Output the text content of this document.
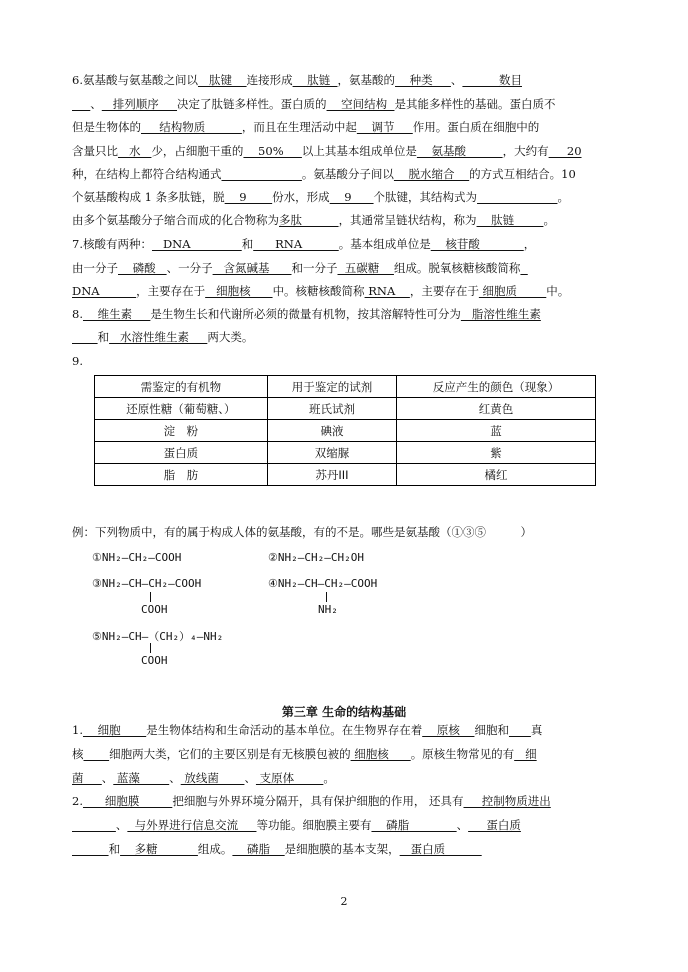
6.氨基酸与氨基酸之间以   肽键    连接形成    肽链  ，氨基酸的    种类     、          数目
、   排列顺序     决定了肽链多样性。蛋白质的    空间结构  是其能多样性的基础。蛋白质不
但是生物体的     结构物质          ，而且在生理活动中起    调节     作用。蛋白质在细胞中的
含量只比   水   少，占细胞干重的    50%     以上其基本组成单位是    氨基酸          ，大约有     20
种，在结构上都符合结构通式	。氨基酸分子间以    脱水缩合    的方式互相结合。10
个氨基酸构成 1 条多肽链，脱    9       份水，形成    9      个肽键，其结构式为	。
由多个氨基酸分子缩合而成的化合物称为多肽          ，其通常呈链状结构，称为    肽链        。
7.核酸有两种：   DNA              和      RNA          。基本组成单位是    核苷酸            ，
由一分子    磷酸   、一分子   含氮碱基      和一分子  五碳糖    组成。脱氧核糖核酸简称
DNA          ，主要存在于   细胞核      中。核糖核酸简称 RNA    ，主要存在于 细胞质        中。
8.    维生素     是生物生长和代谢所必须的微量有机物，按其溶解特性可分为   脂溶性维生素
和   水溶性维生素     两大类。
9.
需鉴定的有机物	用于鉴定的试剂	反应产生的颜色（现象）
还原性糖（葡萄糖、）	班氏试剂	红黄色
淀　粉	碘液	蓝
蛋白质	双缩脲	紫
脂　肪	苏丹III	橘红
例：下列物质中，有的属于构成人体的氨基酸，有的不是。哪些是氨基酸（①③⑤　　　）
①NH₂—CH₂—COOH	②NH₂—CH₂—CH₂OH
③NH₂—CH—CH₂—COOH
COOH
④NH₂—CH—CH₂—COOH
NH₂
⑤NH₂—CH—（CH₂）₄—NH₂
COOH
第三章 生命的结构基础
1.    细胞       是生物体结构和生命活动的基本单位。在生物界存在着    原核    细胞和 真
核 细胞两大类，它们的主要区别是有无核膜包被的 细胞核      。原核生物常见的有   细
菌     、 蓝藻        、 放线菌       、 支原体        。
2.      细胞膜         把细胞与外界环境分隔开，具有保护细胞的作用， 还具有     控制物质进出
、  与外界进行信息交流     等功能。细胞膜主要有    磷脂             、     蛋白质
和    多糖           组成。    磷脂    是细胞膜的基本支架，   蛋白质
2
